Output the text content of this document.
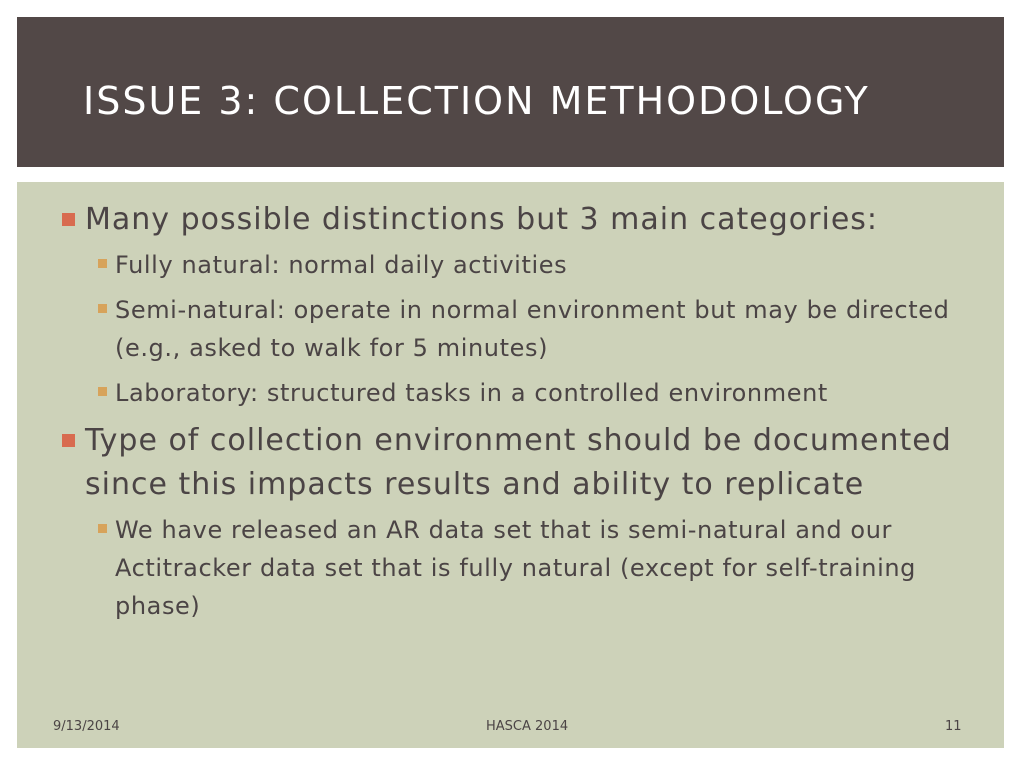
ISSUE 3: COLLECTION METHODOLOGY
Many possible distinctions but 3 main categories:
Fully natural: normal daily activities
Semi-natural: operate in normal environment but may be directed (e.g., asked to walk for 5 minutes)
Laboratory: structured tasks in a controlled environment
Type of collection environment should be documented since this impacts results and ability to replicate
We have released an AR data set that is semi-natural and our Actitracker data set that is fully natural (except for self-training phase)
9/13/2014	HASCA 2014	11
